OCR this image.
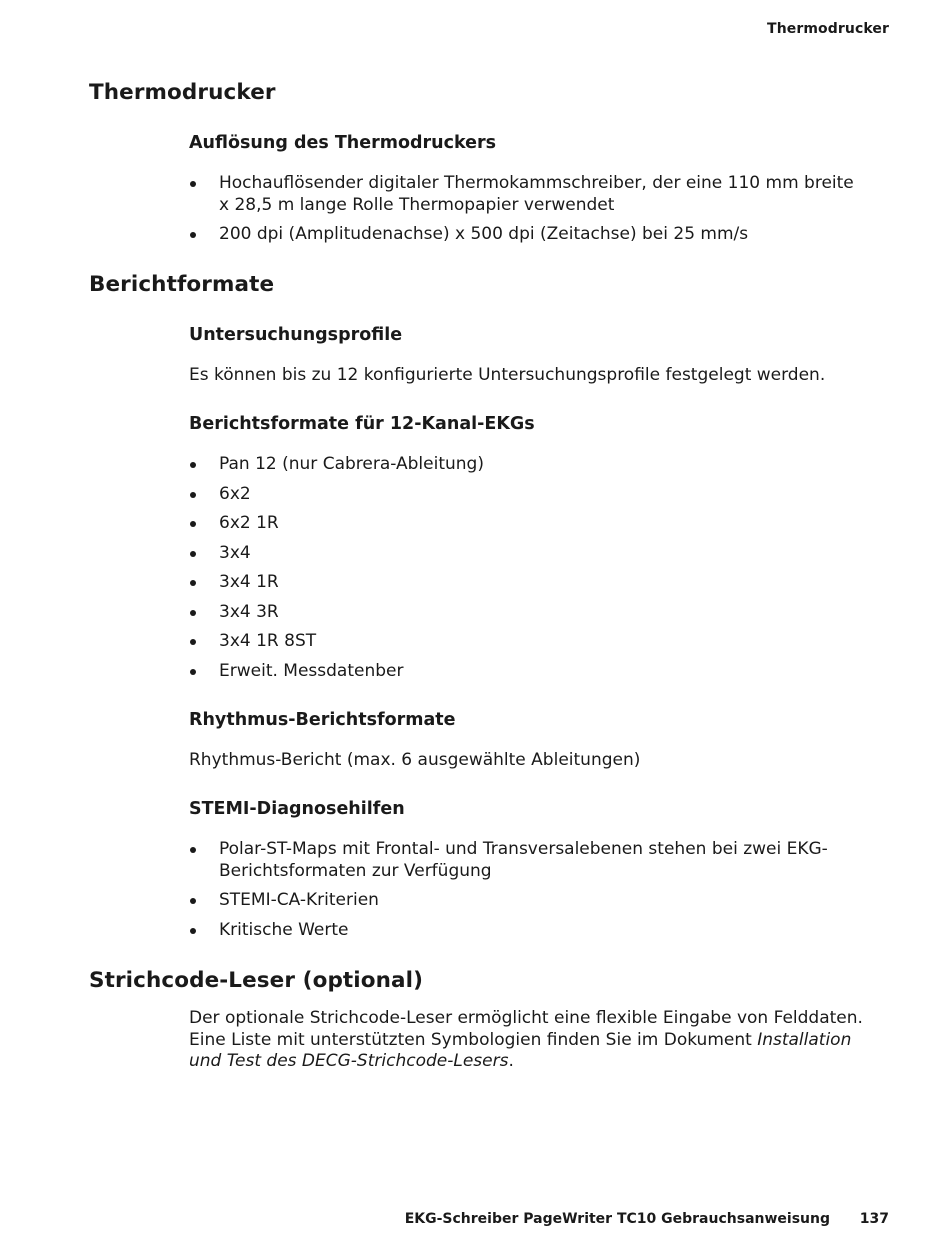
Thermodrucker
Thermodrucker
Auflösung des Thermodruckers
Hochauflösender digitaler Thermokammschreiber, der eine 110 mm breite x 28,5 m lange Rolle Thermopapier verwendet
200 dpi (Amplitudenachse) x 500 dpi (Zeitachse) bei 25 mm/s
Berichtformate
Untersuchungsprofile

Es können bis zu 12 konfigurierte Untersuchungsprofile festgelegt werden.

Berichtsformate für 12-Kanal-EKGs
Pan 12 (nur Cabrera-Ableitung)
6x2
6x2 1R
3x4
3x4 1R
3x4 3R
3x4 1R 8ST
Erweit. Messdatenber
Rhythmus-Berichtsformate

Rhythmus-Bericht (max. 6 ausgewählte Ableitungen)

STEMI-Diagnosehilfen
Polar-ST-Maps mit Frontal- und Transversalebenen stehen bei zwei EKG-Berichtsformaten zur Verfügung
STEMI-CA-Kriterien
Kritische Werte
Strichcode-Leser (optional)

Der optionale Strichcode-Leser ermöglicht eine flexible Eingabe von Felddaten. Eine Liste mit unterstützten Symbologien finden Sie im Dokument Installation und Test des DECG-Strichcode-Lesers.

EKG-Schreiber PageWriter TC10 Gebrauchsanweisung 137
